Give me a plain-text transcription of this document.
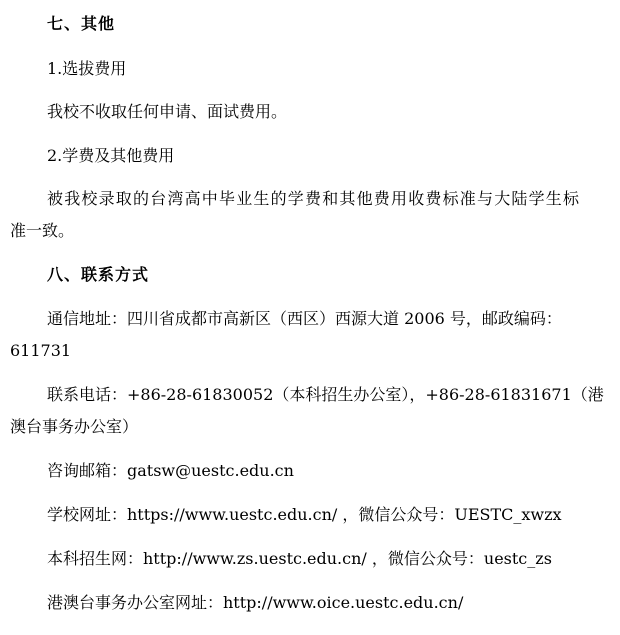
七、其他
1.选拔费用
我校不收取任何申请、面试费用。
2.学费及其他费用
被我校录取的台湾高中毕业生的学费和其他费用收费标准与大陆学生标
准一致。
八、联系方式
通信地址：四川省成都市高新区（西区）西源大道 2006 号，邮政编码：
611731
联系电话：+86-28-61830052（本科招生办公室），+86-28-61831671（港
澳台事务办公室）
咨询邮箱：gatsw@uestc.edu.cn
学校网址：https://www.uestc.edu.cn/ ，微信公众号：UESTC_xwzx
本科招生网：http://www.zs.uestc.edu.cn/ ，微信公众号：uestc_zs
港澳台事务办公室网址：http://www.oice.uestc.edu.cn/
